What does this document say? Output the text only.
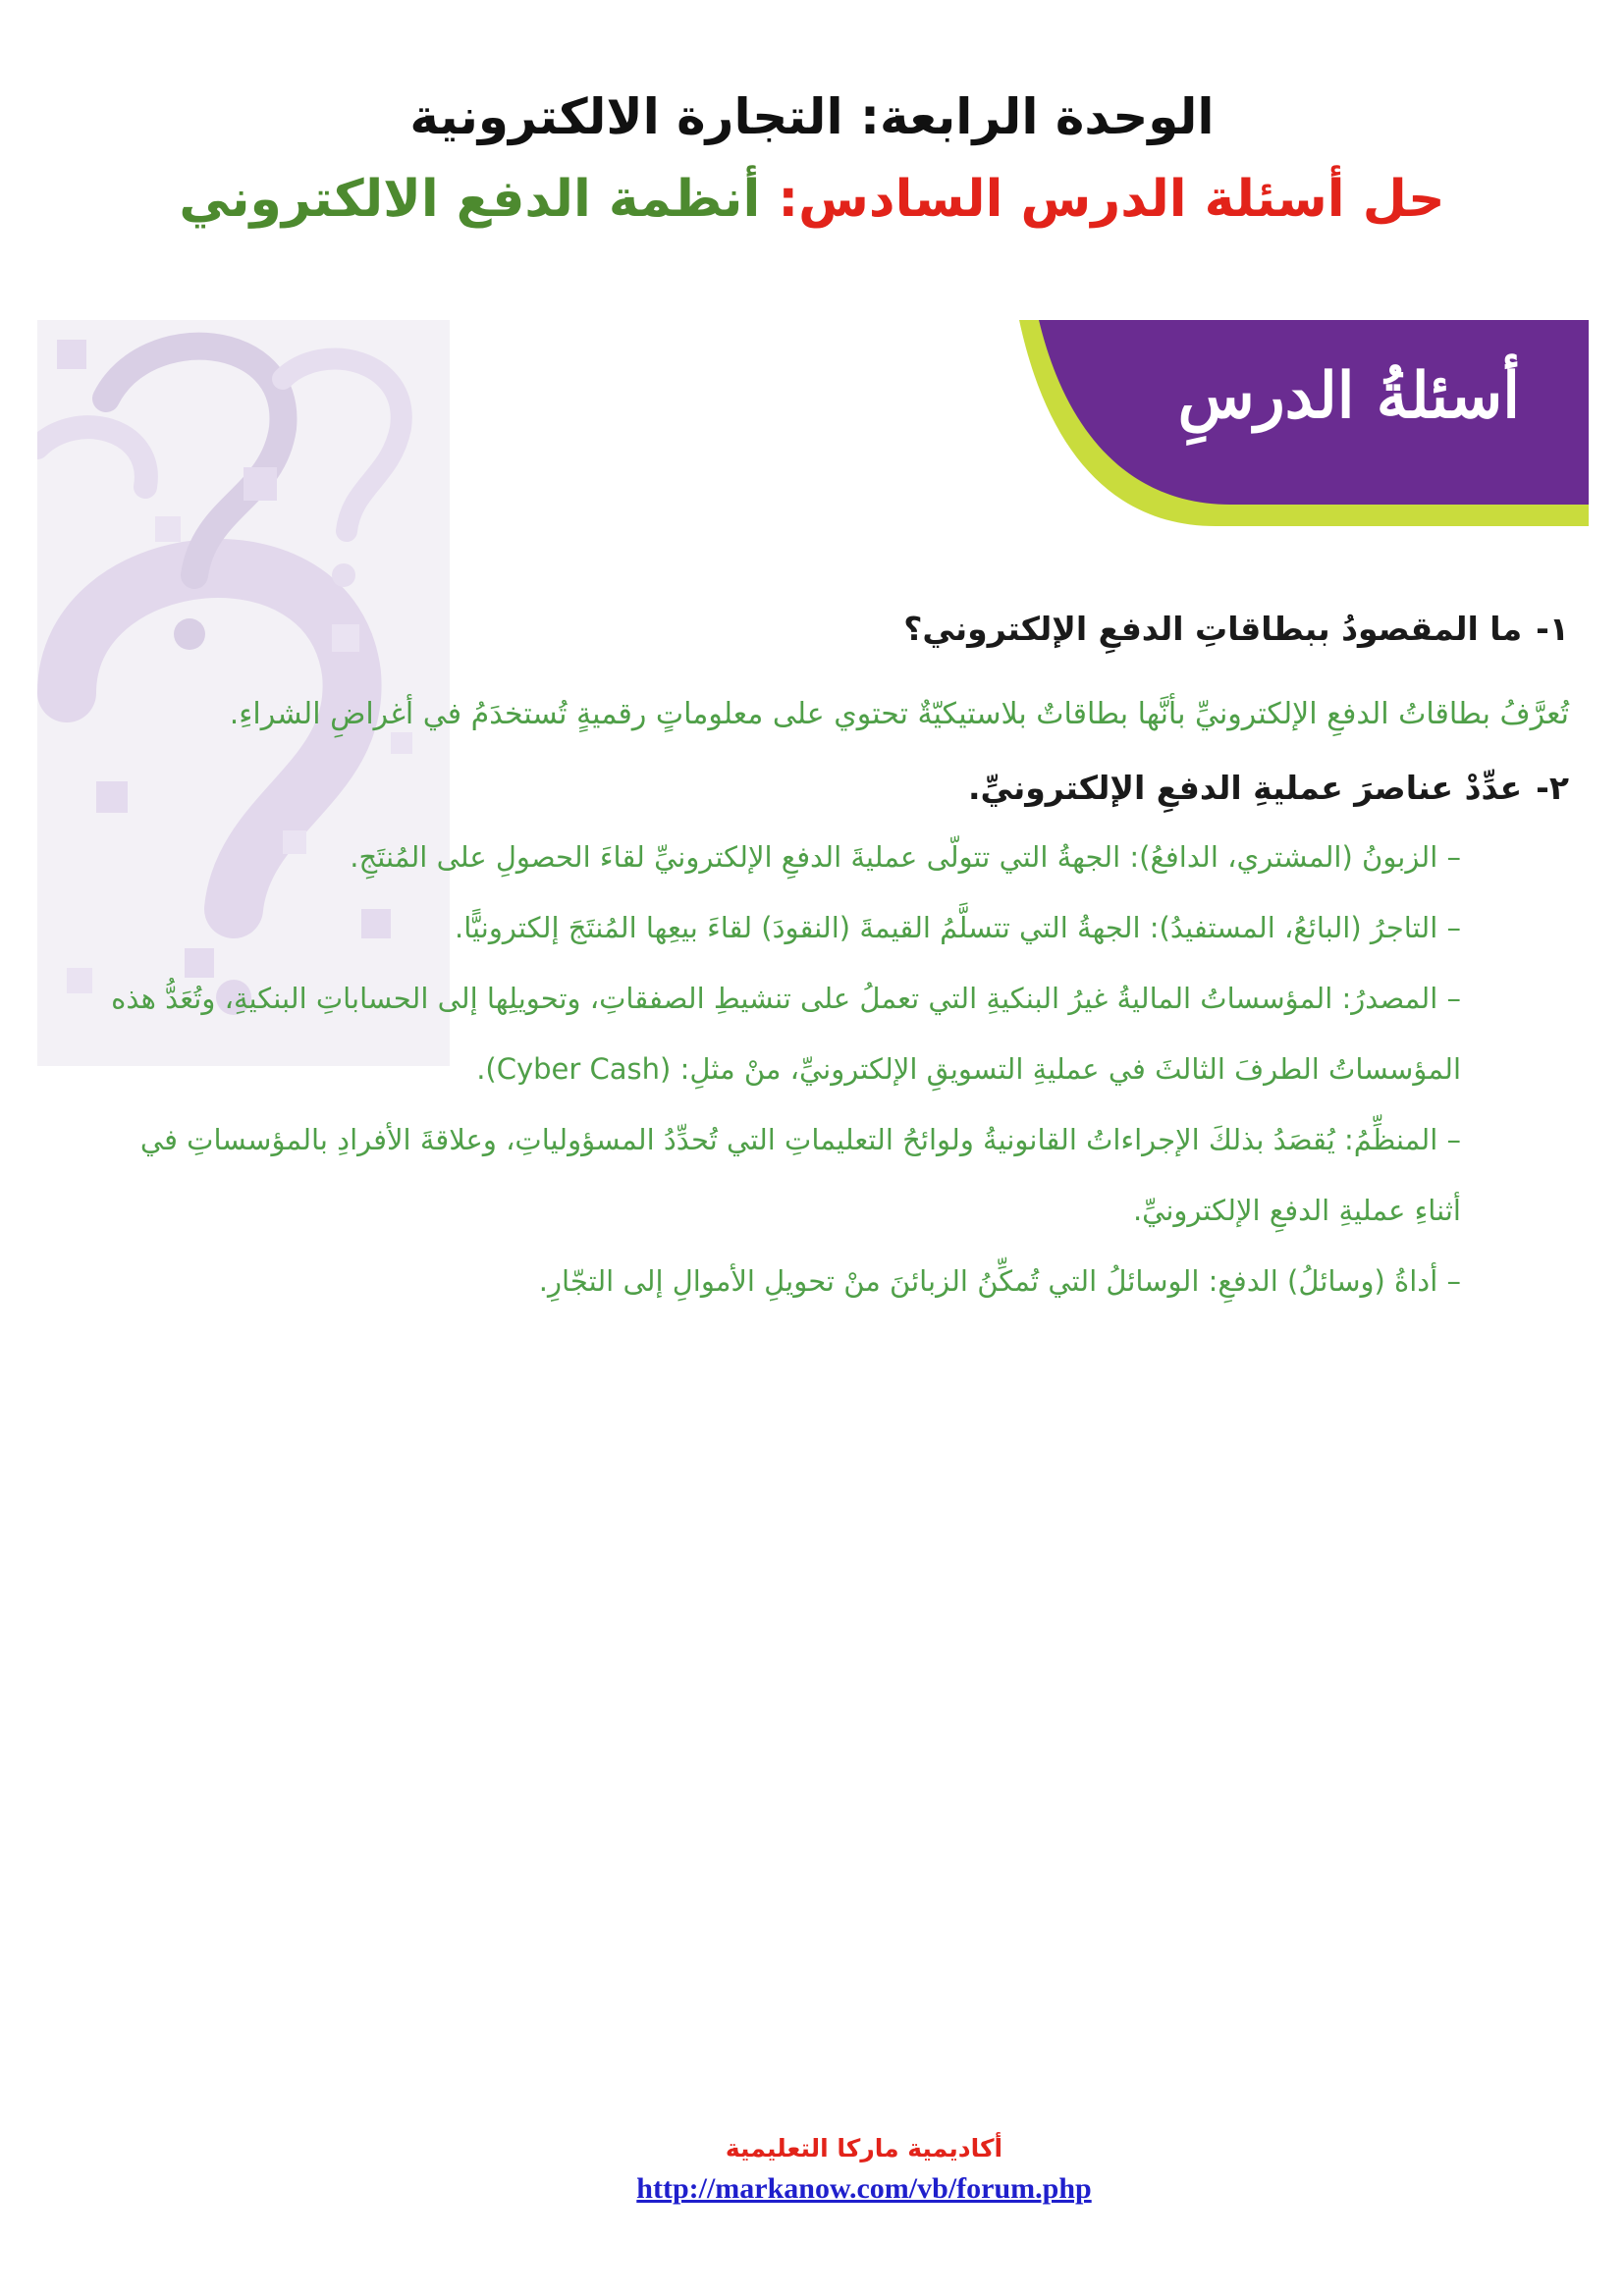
الوحدة الرابعة: التجارة الالكترونية
حل أسئلة الدرس السادس: أنظمة الدفع الالكتروني
أسئلةُ الدرسِ

١-ما المقصودُ ببطاقاتِ الدفعِ الإلكتروني؟

تُعرَّفُ بطاقاتُ الدفعِ الإلكترونيِّ بأنَّها بطاقاتٌ بلاستيكيّةٌ تحتوي على معلوماتٍ رقميةٍ تُستخدَمُ في أغراضِ الشراءِ.

٢-عدِّدْ عناصرَ عمليةِ الدفعِ الإلكترونيِّ.

– الزبونُ (المشتري، الدافعُ): الجهةُ التي تتولّى عمليةَ الدفعِ الإلكترونيِّ لقاءَ الحصولِ على المُنتَجِ.

– التاجرُ (البائعُ، المستفيدُ): الجهةُ التي تتسلَّمُ القيمةَ (النقودَ) لقاءَ بيعِها المُنتَجَ إلكترونيًّا.

– المصدرُ: المؤسساتُ الماليةُ غيرُ البنكيةِ التي تعملُ على تنشيطِ الصفقاتِ، وتحويلِها إلى الحساباتِ البنكيةِ، وتُعَدُّ هذه المؤسساتُ الطرفَ الثالثَ في عمليةِ التسويقِ الإلكترونيِّ، منْ مثلِ: (Cyber Cash).

– المنظِّمُ: يُقصَدُ بذلكَ الإجراءاتُ القانونيةُ ولوائحُ التعليماتِ التي تُحدِّدُ المسؤولياتِ، وعلاقةَ الأفرادِ بالمؤسساتِ في أثناءِ عمليةِ الدفعِ الإلكترونيِّ.

– أداةُ (وسائلُ) الدفعِ: الوسائلُ التي تُمكِّنُ الزبائنَ منْ تحويلِ الأموالِ إلى التجّارِ.

أكاديمية ماركا التعليمية
http://markanow.com/vb/forum.php
